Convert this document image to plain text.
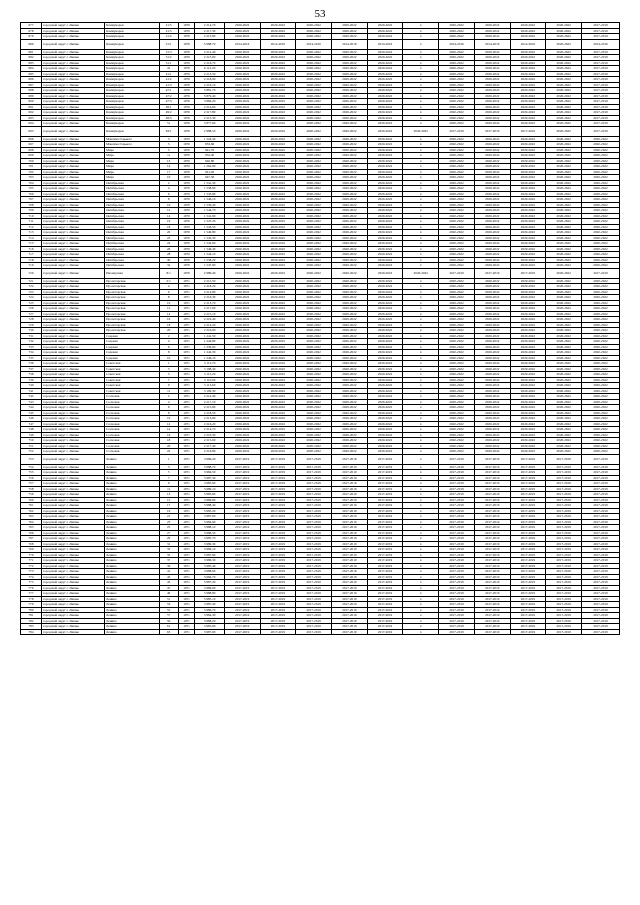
53
677	городской округ г. Ливны	Коммунаров	21/5	1976	2 214,70	2020-2022	2020-2022	2020-2022	2020-2022	2020-2022	x	2020-2022	2020-2022	2020-2022	2020-2022	2017-2019
678	городской округ г. Ливны	Коммунаров	21/3	1976	2 217,30	2020-2022	2020-2022	2020-2022	2020-2022	2020-2022	x	2020-2022	2020-2022	2020-2022	2020-2022	2017-2019
679	городской округ г. Ливны	Коммунаров	21/2	1976	2 213,80	2020-2022	2020-2022	2020-2022	2020-2022	2020-2022	x	2020-2022	2020-2022	2020-2022	2020-2022	2017-2019
680	городской округ г. Ливны	Коммунаров	21/1	1976	5 988,70	2014-2016	2014-2016	2014-2016	2014-2016	2014-2016	x	2014-2016	2014-2016	2014-2016	2020-2022	2014-2016
681	городской округ г. Ливны	Коммунаров	31/3	1976	2 212,40	2020-2022	2020-2022	2020-2022	2020-2022	2020-2022	x	2020-2022	2020-2022	2020-2022	2020-2022	2017-2019
682	городской округ г. Ливны	Коммунаров	31/2	1976	2 215,60	2020-2022	2020-2022	2020-2022	2020-2022	2020-2022	x	2020-2022	2020-2022	2020-2022	2020-2022	2017-2019
683	городской округ г. Ливны	Коммунаров	31/1	1976	2 216,70	2020-2022	2020-2022	2020-2022	2020-2022	2020-2022	x	2020-2022	2020-2022	2020-2022	2020-2022	2017-2019
684	городской округ г. Ливны	Коммунаров	41	1976	6 112,20	2020-2022	2020-2022	2020-2022	2020-2022	2020-2022	x	2020-2022	2020-2022	2020-2022	2020-2022	2017-2019
685	городской округ г. Ливны	Коммунаров	41/1	1976	2 213,50	2020-2022	2020-2022	2020-2022	2020-2022	2020-2022	x	2020-2022	2020-2022	2020-2022	2020-2022	2017-2019
686	городской округ г. Ливны	Коммунаров	41/2	1976	2 218,90	2020-2022	2020-2022	2020-2022	2020-2022	2020-2022	x	2020-2022	2020-2022	2020-2022	2020-2022	2017-2019
687	городской округ г. Ливны	Коммунаров	41/3	1976	2 216,10	2020-2022	2020-2022	2020-2022	2020-2022	2020-2022	x	2020-2022	2020-2022	2020-2022	2020-2022	2017-2019
688	городской округ г. Ливны	Коммунаров	47/1	1976	3 881,70	2020-2022	2020-2022	2020-2022	2020-2022	2020-2022	x	2020-2022	2020-2022	2020-2022	2020-2022	2017-2019
689	городской округ г. Ливны	Коммунаров	47/2	1976	3 879,40	2020-2022	2020-2022	2020-2022	2020-2022	2020-2022	x	2020-2022	2020-2022	2020-2022	2020-2022	2017-2019
690	городской округ г. Ливны	Коммунаров	47/3	1976	3 884,20	2020-2022	2020-2022	2020-2022	2020-2022	2020-2022	x	2020-2022	2020-2022	2020-2022	2020-2022	2017-2019
691	городской округ г. Ливны	Коммунаров	49/1	1976	2 214,60	2020-2022	2020-2022	2020-2022	2020-2022	2020-2022	x	2020-2022	2020-2022	2020-2022	2020-2022	2017-2019
692	городской округ г. Ливны	Коммунаров	49/2	1976	2 217,80	2020-2022	2020-2022	2020-2022	2020-2022	2020-2022	x	2020-2022	2020-2022	2020-2022	2020-2022	2017-2019
693	городской округ г. Ливны	Коммунаров	49/3	1976	2 215,30	2020-2022	2020-2022	2020-2022	2020-2022	2020-2022	x	2020-2022	2020-2022	2020-2022	2020-2022	2017-2019
694	городской округ г. Ливны	Коммунаров	51	1976	3 877,60	2020-2022	2020-2022	2020-2022	2020-2022	2020-2022	x	2020-2022	2020-2022	2020-2022	2020-2022	2017-2019
695	городской округ г. Ливны	Коммунаров	63/1	1976	2 988,10	2020-2022	2020-2022	2020-2022	2020-2022	2020-2022	2020-2022	2017-2019	2017-2019	2017-2019	2020-2022	2017-2019
696	городской округ г. Ливны	Максима Горького	3	1970	1 524,30	2020-2022	2020-2022	2020-2022	2020-2022	2020-2022	x	2020-2022	2020-2022	2020-2022	2020-2022	2020-2022
697	городской округ г. Ливны	Максима Горького	5	1970	833,60	2020-2022	2020-2022	2020-2022	2020-2022	2020-2022	x	2020-2022	2020-2022	2020-2022	2020-2022	2020-2022
698	городской округ г. Ливны	Мира	5	1970	941,70	2020-2022	2020-2022	2020-2022	2020-2022	2020-2022	x	2020-2022	2020-2022	2020-2022	2020-2022	2020-2022
699	городской округ г. Ливны	Мира	11	1970	952,40	2020-2022	2020-2022	2020-2022	2020-2022	2020-2022	x	2020-2022	2020-2022	2020-2022	2020-2022	2020-2022
700	городской округ г. Ливны	Мира	13	1970	946,80	2020-2022	2020-2022	2020-2022	2020-2022	2020-2022	x	2020-2022	2020-2022	2020-2022	2020-2022	2020-2022
701	городской округ г. Ливны	Мира	14	1970	1 262,90	2020-2022	2020-2022	2020-2022	2020-2022	2020-2022	x	2020-2022	2020-2022	2020-2022	2020-2022	2020-2022
702	городской округ г. Ливны	Мира	17	1970	941,20	2020-2022	2020-2022	2020-2022	2020-2022	2020-2022	x	2020-2022	2020-2022	2020-2022	2020-2022	2020-2022
703	городской округ г. Ливны	Мира	19	1970	947,50	2020-2022	2020-2022	2020-2022	2020-2022	2020-2022	x	2020-2022	2020-2022	2020-2022	2020-2022	2020-2022
704	городской округ г. Ливны	Октябрьская	2	1970	1 541,30	2020-2022	2020-2022	2020-2022	2020-2022	2020-2022	x	2020-2022	2020-2022	2020-2022	2020-2022	2020-2022
705	городской округ г. Ливны	Октябрьская	4	1970	1 538,60	2020-2022	2020-2022	2020-2022	2020-2022	2020-2022	x	2020-2022	2020-2022	2020-2022	2020-2022	2020-2022
706	городской округ г. Ливны	Октябрьская	6	1970	1 543,80	2020-2022	2020-2022	2020-2022	2020-2022	2020-2022	x	2020-2022	2020-2022	2020-2022	2020-2022	2020-2022
707	городской округ г. Ливны	Октябрьская	8	1970	1 546,10	2020-2022	2020-2022	2020-2022	2020-2022	2020-2022	x	2020-2022	2020-2022	2020-2022	2020-2022	2020-2022
708	городской округ г. Ливны	Октябрьская	10	1970	1 539,40	2020-2022	2020-2022	2020-2022	2020-2022	2020-2022	x	2020-2022	2020-2022	2020-2022	2020-2022	2020-2022
709	городской округ г. Ливны	Октябрьская	12	1970	1 544,70	2020-2022	2020-2022	2020-2022	2020-2022	2020-2022	x	2020-2022	2020-2022	2020-2022	2020-2022	2020-2022
710	городской округ г. Ливны	Октябрьская	14	1970	1 541,90	2020-2022	2020-2022	2020-2022	2020-2022	2020-2022	x	2020-2022	2020-2022	2020-2022	2020-2022	2020-2022
711	городской округ г. Ливны	Октябрьская	16	1970	1 547,20	2020-2022	2020-2022	2020-2022	2020-2022	2020-2022	x	2020-2022	2020-2022	2020-2022	2020-2022	2020-2022
712	городской округ г. Ливны	Октябрьская	18	1970	1 543,50	2020-2022	2020-2022	2020-2022	2020-2022	2020-2022	x	2020-2022	2020-2022	2020-2022	2020-2022	2020-2022
713	городской округ г. Ливны	Октябрьская	20	1970	1 540,80	2020-2022	2020-2022	2020-2022	2020-2022	2020-2022	x	2020-2022	2020-2022	2020-2022	2020-2022	2020-2022
714	городской округ г. Ливны	Октябрьская	22	1970	1 545,30	2020-2022	2020-2022	2020-2022	2020-2022	2020-2022	x	2020-2022	2020-2022	2020-2022	2020-2022	2020-2022
715	городской округ г. Ливны	Октябрьская	24	1970	1 542,60	2020-2022	2020-2022	2020-2022	2020-2022	2020-2022	x	2020-2022	2020-2022	2020-2022	2020-2022	2020-2022
716	городской округ г. Ливны	Октябрьская	26	1970	1 546,40	2020-2022	2020-2022	2020-2022	2020-2022	2020-2022	x	2020-2022	2020-2022	2020-2022	2020-2022	2020-2022
717	городской округ г. Ливны	Октябрьская	28	1970	1 544,10	2020-2022	2020-2022	2020-2022	2020-2022	2020-2022	x	2020-2022	2020-2022	2020-2022	2020-2022	2020-2022
718	городской округ г. Ливны	Октябрьская	30	1970	1 538,20	2020-2022	2020-2022	2020-2022	2020-2022	2020-2022	x	2020-2022	2020-2022	2020-2022	2020-2022	2020-2022
719	городской округ г. Ливны	Октябрьская	32	1970	1 547,90	2020-2022	2020-2022	2020-2022	2020-2022	2020-2022	x	2020-2022	2020-2022	2020-2022	2020-2022	2020-2022
720	городской округ г. Ливны	Пионерская	8/1	1970	2 986,40	2020-2022	2020-2022	2020-2022	2020-2022	2020-2022	2020-2022	2017-2019	2017-2019	2017-2019	2020-2022	2017-2019
721	городской округ г. Ливны	Пролетарская	2/1	1971	2 215,50	2020-2022	2020-2022	2020-2022	2020-2022	2020-2022	x	2020-2022	2020-2022	2020-2022	2020-2022	2020-2022
722	городской округ г. Ливны	Пролетарская	4	1971	2 218,20	2020-2022	2020-2022	2020-2022	2020-2022	2020-2022	x	2020-2022	2020-2022	2020-2022	2020-2022	2020-2022
723	городской округ г. Ливны	Пролетарская	6	1971	2 214,80	2020-2022	2020-2022	2020-2022	2020-2022	2020-2022	x	2020-2022	2020-2022	2020-2022	2020-2022	2020-2022
724	городской округ г. Ливны	Пролетарская	8	1971	2 216,30	2020-2022	2020-2022	2020-2022	2020-2022	2020-2022	x	2020-2022	2020-2022	2020-2022	2020-2022	2020-2022
725	городской округ г. Ливны	Пролетарская	10	1971	2 213,70	2020-2022	2020-2022	2020-2022	2020-2022	2020-2022	x	2020-2022	2020-2022	2020-2022	2020-2022	2020-2022
726	городской округ г. Ливны	Пролетарская	12	1971	2 217,60	2020-2022	2020-2022	2020-2022	2020-2022	2020-2022	x	2020-2022	2020-2022	2020-2022	2020-2022	2020-2022
727	городской округ г. Ливны	Пролетарская	14	1971	2 215,10	2020-2022	2020-2022	2020-2022	2020-2022	2020-2022	x	2020-2022	2020-2022	2020-2022	2020-2022	2020-2022
728	городской округ г. Ливны	Пролетарская	16	1971	2 219,40	2020-2022	2020-2022	2020-2022	2020-2022	2020-2022	x	2020-2022	2020-2022	2020-2022	2020-2022	2020-2022
729	городской округ г. Ливны	Пролетарская	18	1971	2 214,20	2020-2022	2020-2022	2020-2022	2020-2022	2020-2022	x	2020-2022	2020-2022	2020-2022	2020-2022	2020-2022
730	городской округ г. Ливны	Пролетарская	20	1971	2 216,90	2020-2022	2020-2022	2020-2022	2020-2022	2020-2022	x	2020-2022	2020-2022	2020-2022	2020-2022	2020-2022
731	городской округ г. Ливны	Садовая	2	1971	1 241,50	2020-2022	2020-2022	2020-2022	2020-2022	2020-2022	x	2020-2022	2020-2022	2020-2022	2020-2022	2020-2022
732	городской округ г. Ливны	Садовая	4	1971	1 244,80	2020-2022	2020-2022	2020-2022	2020-2022	2020-2022	x	2020-2022	2020-2022	2020-2022	2020-2022	2020-2022
733	городской округ г. Ливны	Садовая	6	1971	1 239,60	2020-2022	2020-2022	2020-2022	2020-2022	2020-2022	x	2020-2022	2020-2022	2020-2022	2020-2022	2020-2022
734	городской округ г. Ливны	Садовая	8	1971	1 242,30	2020-2022	2020-2022	2020-2022	2020-2022	2020-2022	x	2020-2022	2020-2022	2020-2022	2020-2022	2020-2022
735	городской округ г. Ливны	Садовая	10	1971	1 246,10	2020-2022	2020-2022	2020-2022	2020-2022	2020-2022	x	2020-2022	2020-2022	2020-2022	2020-2022	2020-2022
736	городской округ г. Ливны	Советская	1	1971	3 112,70	2020-2022	2020-2022	2020-2022	2020-2022	2020-2022	x	2020-2022	2020-2022	2020-2022	2020-2022	2020-2022
737	городской округ г. Ливны	Советская	3	1971	3 108,40	2020-2022	2020-2022	2020-2022	2020-2022	2020-2022	x	2020-2022	2020-2022	2020-2022	2020-2022	2020-2022
738	городской округ г. Ливны	Советская	5	1971	3 115,20	2020-2022	2020-2022	2020-2022	2020-2022	2020-2022	x	2020-2022	2020-2022	2020-2022	2020-2022	2020-2022
739	городской округ г. Ливны	Советская	7	1971	3 110,90	2020-2022	2020-2022	2020-2022	2020-2022	2020-2022	x	2020-2022	2020-2022	2020-2022	2020-2022	2020-2022
740	городской округ г. Ливны	Советская	9	1971	3 113,60	2020-2022	2020-2022	2020-2022	2020-2022	2020-2022	x	2020-2022	2020-2022	2020-2022	2020-2022	2020-2022
741	городской округ г. Ливны	Советская	11	1971	3 109,30	2020-2022	2020-2022	2020-2022	2020-2022	2020-2022	x	2020-2022	2020-2022	2020-2022	2020-2022	2020-2022
742	городской округ г. Ливны	Сосновая	2	1971	2 214,40	2020-2022	2020-2022	2020-2022	2020-2022	2020-2022	x	2020-2022	2020-2022	2020-2022	2020-2022	2020-2022
743	городской округ г. Ливны	Сосновая	4	1971	2 217,10	2020-2022	2020-2022	2020-2022	2020-2022	2020-2022	x	2020-2022	2020-2022	2020-2022	2020-2022	2020-2022
744	городской округ г. Ливны	Сосновая	6	1971	2 215,80	2020-2022	2020-2022	2020-2022	2020-2022	2020-2022	x	2020-2022	2020-2022	2020-2022	2020-2022	2020-2022
745	городской округ г. Ливны	Сосновая	8	1971	2 218,50	2020-2022	2020-2022	2020-2022	2020-2022	2020-2022	x	2020-2022	2020-2022	2020-2022	2020-2022	2020-2022
746	городской округ г. Ливны	Сосновая	10	1971	2 213,90	2020-2022	2020-2022	2020-2022	2020-2022	2020-2022	x	2020-2022	2020-2022	2020-2022	2020-2022	2020-2022
747	городской округ г. Ливны	Сосновая	12	1971	2 216,20	2020-2022	2020-2022	2020-2022	2020-2022	2020-2022	x	2020-2022	2020-2022	2020-2022	2020-2022	2020-2022
748	городской округ г. Ливны	Сосновая	14	1971	2 214,70	2020-2022	2020-2022	2020-2022	2020-2022	2020-2022	x	2020-2022	2020-2022	2020-2022	2020-2022	2020-2022
749	городской округ г. Ливны	Сосновая	16	1971	2 219,30	2020-2022	2020-2022	2020-2022	2020-2022	2020-2022	x	2020-2022	2020-2022	2020-2022	2020-2022	2020-2022
750	городской округ г. Ливны	Сосновая	18	1971	2 215,60	2020-2022	2020-2022	2020-2022	2020-2022	2020-2022	x	2020-2022	2020-2022	2020-2022	2020-2022	2020-2022
751	городской округ г. Ливны	Сосновая	20	1971	2 217,40	2020-2022	2020-2022	2020-2022	2020-2022	2020-2022	x	2020-2022	2020-2022	2020-2022	2020-2022	2020-2022
752	городской округ г. Ливны	Сосновая	22	1971	2 216,80	2020-2022	2020-2022	2020-2022	2020-2022	2020-2022	x	2020-2022	2020-2022	2020-2022	2020-2022	2020-2022
753	городской округ г. Ливны	Ленина	1	1971	3 986,20	2017-2019	2017-2019	2017-2019	2017-2019	2017-2019	x	2017-2019	2017-2019	2017-2019	2017-2019	2017-2019
754	городской округ г. Ливны	Ленина	3	1971	3 988,70	2017-2019	2017-2019	2017-2019	2017-2019	2017-2019	x	2017-2019	2017-2019	2017-2019	2017-2019	2017-2019
755	городской округ г. Ливны	Ленина	5	1971	3 984,50	2017-2019	2017-2019	2017-2019	2017-2019	2017-2019	x	2017-2019	2017-2019	2017-2019	2017-2019	2017-2019
756	городской округ г. Ливны	Ленина	7	1971	3 987,30	2017-2019	2017-2019	2017-2019	2017-2019	2017-2019	x	2017-2019	2017-2019	2017-2019	2017-2019	2017-2019
757	городской округ г. Ливны	Ленина	9	1971	3 985,90	2017-2019	2017-2019	2017-2019	2017-2019	2017-2019	x	2017-2019	2017-2019	2017-2019	2017-2019	2017-2019
758	городской округ г. Ливны	Ленина	11	1971	3 989,10	2017-2019	2017-2019	2017-2019	2017-2019	2017-2019	x	2017-2019	2017-2019	2017-2019	2017-2019	2017-2019
759	городской округ г. Ливны	Ленина	13	1971	3 983,60	2017-2019	2017-2019	2017-2019	2017-2019	2017-2019	x	2017-2019	2017-2019	2017-2019	2017-2019	2017-2019
760	городской округ г. Ливны	Ленина	15	1971	3 986,80	2017-2019	2017-2019	2017-2019	2017-2019	2017-2019	x	2017-2019	2017-2019	2017-2019	2017-2019	2017-2019
761	городской округ г. Ливны	Ленина	17	1971	3 988,40	2017-2019	2017-2019	2017-2019	2017-2019	2017-2019	x	2017-2019	2017-2019	2017-2019	2017-2019	2017-2019
762	городской округ г. Ливны	Ленина	19	1971	3 985,20	2017-2019	2017-2019	2017-2019	2017-2019	2017-2019	x	2017-2019	2017-2019	2017-2019	2017-2019	2017-2019
763	городской округ г. Ливны	Ленина	21	1971	3 987,60	2017-2019	2017-2019	2017-2019	2017-2019	2017-2019	x	2017-2019	2017-2019	2017-2019	2017-2019	2017-2019
764	городской округ г. Ливны	Ленина	23	1971	3 984,90	2017-2019	2017-2019	2017-2019	2017-2019	2017-2019	x	2017-2019	2017-2019	2017-2019	2017-2019	2017-2019
765	городской округ г. Ливны	Ленина	25	1971	3 988,10	2017-2019	2017-2019	2017-2019	2017-2019	2017-2019	x	2017-2019	2017-2019	2017-2019	2017-2019	2017-2019
766	городской округ г. Ливны	Ленина	27	1971	3 986,50	2017-2019	2017-2019	2017-2019	2017-2019	2017-2019	x	2017-2019	2017-2019	2017-2019	2017-2019	2017-2019
767	городской округ г. Ливны	Ленина	29	1971	3 985,70	2017-2019	2017-2019	2017-2019	2017-2019	2017-2019	x	2017-2019	2017-2019	2017-2019	2017-2019	2017-2019
768	городской округ г. Ливны	Ленина	31	1971	3 989,30	2017-2019	2017-2019	2017-2019	2017-2019	2017-2019	x	2017-2019	2017-2019	2017-2019	2017-2019	2017-2019
769	городской округ г. Ливны	Ленина	33	1971	3 984,10	2017-2019	2017-2019	2017-2019	2017-2019	2017-2019	x	2017-2019	2017-2019	2017-2019	2017-2019	2017-2019
770	городской округ г. Ливны	Ленина	35	1971	3 987,90	2017-2019	2017-2019	2017-2019	2017-2019	2017-2019	x	2017-2019	2017-2019	2017-2019	2017-2019	2017-2019
771	городской округ г. Ливны	Ленина	37	1971	3 986,30	2017-2019	2017-2019	2017-2019	2017-2019	2017-2019	x	2017-2019	2017-2019	2017-2019	2017-2019	2017-2019
772	городской округ г. Ливны	Ленина	39	1971	3 985,40	2017-2019	2017-2019	2017-2019	2017-2019	2017-2019	x	2017-2019	2017-2019	2017-2019	2017-2019	2017-2019
773	городской округ г. Ливны	Ленина	41	1971	3 988,60	2017-2019	2017-2019	2017-2019	2017-2019	2017-2019	x	2017-2019	2017-2019	2017-2019	2017-2019	2017-2019
774	городской округ г. Ливны	Ленина	43	1971	3 984,70	2017-2019	2017-2019	2017-2019	2017-2019	2017-2019	x	2017-2019	2017-2019	2017-2019	2017-2019	2017-2019
775	городской округ г. Ливны	Ленина	45	1971	3 987,20	2017-2019	2017-2019	2017-2019	2017-2019	2017-2019	x	2017-2019	2017-2019	2017-2019	2017-2019	2017-2019
776	городской округ г. Ливны	Ленина	47	1971	3 986,00	2017-2019	2017-2019	2017-2019	2017-2019	2017-2019	x	2017-2019	2017-2019	2017-2019	2017-2019	2017-2019
777	городской округ г. Ливны	Ленина	49	1971	3 988,80	2017-2019	2017-2019	2017-2019	2017-2019	2017-2019	x	2017-2019	2017-2019	2017-2019	2017-2019	2017-2019
778	городской округ г. Ливны	Ленина	51	1971	3 985,10	2017-2019	2017-2019	2017-2019	2017-2019	2017-2019	x	2017-2019	2017-2019	2017-2019	2017-2019	2017-2019
779	городской округ г. Ливны	Ленина	53	1971	3 987,40	2017-2019	2017-2019	2017-2019	2017-2019	2017-2019	x	2017-2019	2017-2019	2017-2019	2017-2019	2017-2019
780	городской округ г. Ливны	Ленина	55	1971	3 986,70	2017-2019	2017-2019	2017-2019	2017-2019	2017-2019	x	2017-2019	2017-2019	2017-2019	2017-2019	2017-2019
781	городской округ г. Ливны	Ленина	57	1971	3 984,30	2017-2019	2017-2019	2017-2019	2017-2019	2017-2019	x	2017-2019	2017-2019	2017-2019	2017-2019	2017-2019
782	городской округ г. Ливны	Ленина	59	1971	3 988,20	2017-2019	2017-2019	2017-2019	2017-2019	2017-2019	x	2017-2019	2017-2019	2017-2019	2017-2019	2017-2019
783	городской округ г. Ливны	Ленина	61	1971	3 985,60	2017-2019	2017-2019	2017-2019	2017-2019	2017-2019	x	2017-2019	2017-2019	2017-2019	2017-2019	2017-2019
784	городской округ г. Ливны	Ленина	63	1971	3 987,00	2017-2019	2017-2019	2017-2019	2017-2019	2017-2019	x	2017-2019	2017-2019	2017-2019	2017-2019	2017-2019
